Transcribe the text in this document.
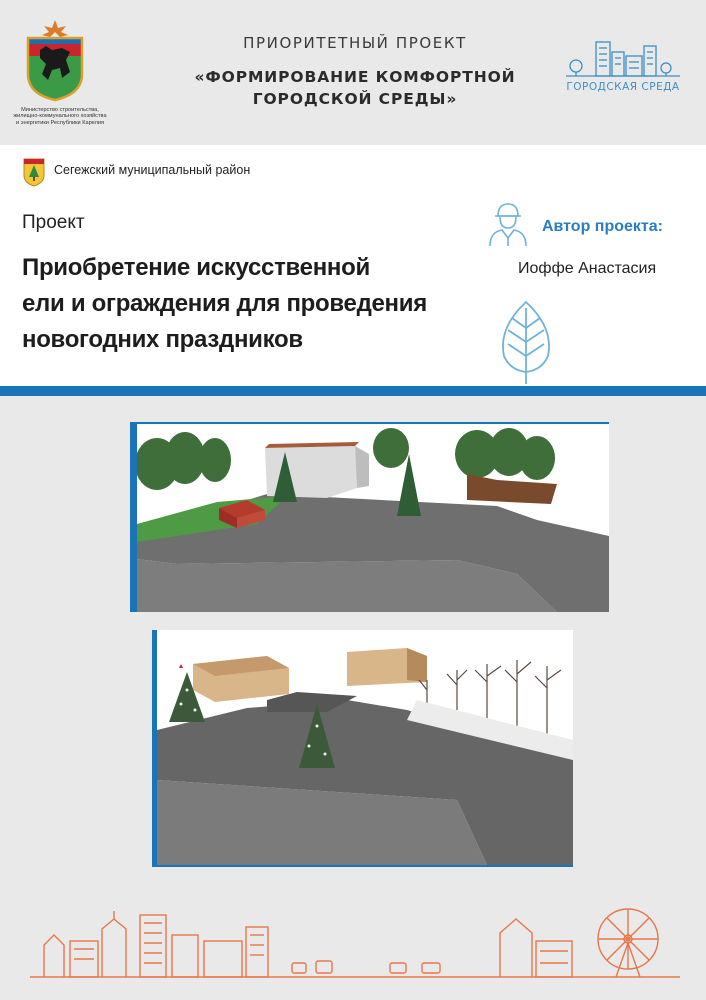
Министерство строительства,
жилищно-коммунального хозяйства
и энергетики Республики Карелия
ПРИОРИТЕТНЫЙ ПРОЕКТ
«ФОРМИРОВАНИЕ КОМФОРТНОЙ
ГОРОДСКОЙ СРЕДЫ»
ГОРОДСКАЯ СРЕДА
Сегежский муниципальный район
Проект
Приобретение искусственной
ели и ограждения для проведения
новогодних праздников
Автор проекта:
Иоффе Анастасия
